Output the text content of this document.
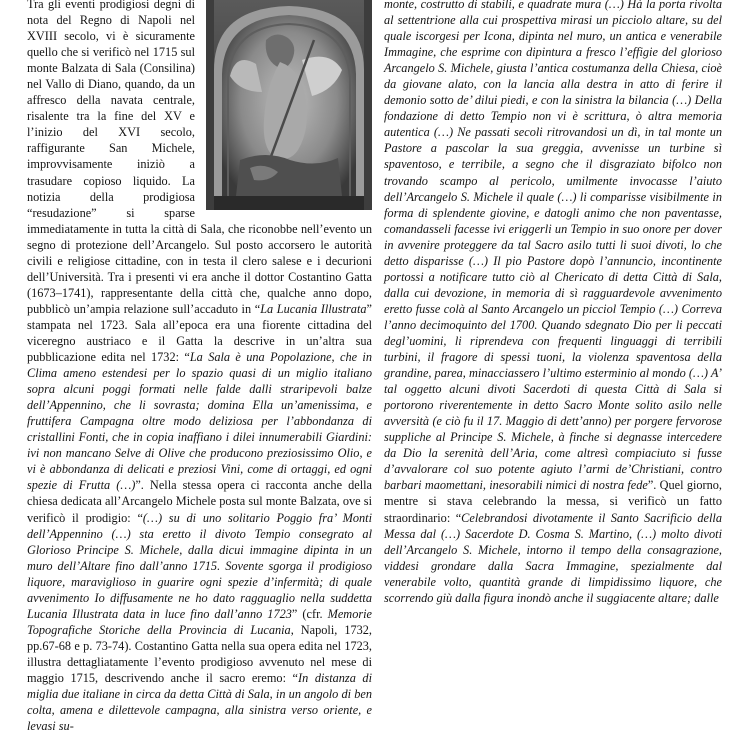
Tra gli eventi prodigiosi degni di nota del Regno di Napoli nel XVIII secolo, vi è sicuramente quello che si verificò nel 1715 sul monte Balzata di Sala (Consilina) nel Vallo di Diano, quando, da un affresco della navata centrale, risalente tra la fine del XV e l’inizio del XVI secolo, raffigurante San Michele, improvvisamente iniziò a trasudare copioso liquido. La notizia della prodigiosa “resudazione” si sparse immediatamente in tutta la città di Sala, che riconobbe nell’evento un segno di protezione dell’Arcangelo. Sul posto accorsero le autorità civili e religiose cittadine, con in testa il clero salese e i decurioni dell’Università. Tra i presenti vi era anche il dottor Costantino Gatta (1673–1741), rappresentante della città che, qualche anno dopo, pubblicò un’ampia relazione sull’accaduto in “La Lucania Illustrata” stampata nel 1723. Sala all’epoca era una fiorente cittadina del viceregno austriaco e il Gatta la descrive in un’altra sua pubblicazione edita nel 1732: “La Sala è una Popolazione, che in Clima ameno estendesi per lo spazio quasi di un miglio italiano sopra alcuni poggi formati nelle falde dalli straripevoli balze dell’Appennino, che li sovrasta; domina Ella un’amenissima, e fruttifera Campagna oltre modo deliziosa per l’abbondanza di cristallini Fonti, che in copia inaffiano i dilei innumerabili Giardini: ivi non mancano Selve di Olive che producono preziosissimo Olio, e vi è abbondanza di delicati e preziosi Vini, come di ortaggi, ed ogni spezie di Frutta (…)”. Nella stessa opera ci racconta anche della chiesa dedicata all’Arcangelo Michele posta sul monte Balzata, ove si verificò il prodigio: “(…) su di uno solitario Poggio fra’ Monti dell’Appennino (…) sta eretto il divoto Tempio consegrato al Glorioso Principe S. Michele, dalla dicui immagine dipinta in un muro dell’Altare fino dall’anno 1715. Sovente sgorga il prodigioso liquore, maraviglioso in guarire ogni spezie d’infermità; di quale avvenimento Io diffusamente ne ho dato ragguaglio nella suddetta Lucania Illustrata data in luce fino dall’anno 1723” (cfr. Memorie Topografiche Storiche della Provincia di Lucania, Napoli, 1732, pp.67-68 e p. 73-74). Costantino Gatta nella sua opera edita nel 1723, illustra dettagliatamente l’evento prodigioso avvenuto nel mese di maggio 1715, descrivendo anche il sacro eremo: “In distanza di miglia due italiane in circa da detta Città di Sala, in un angolo di ben colta, amena e dilettevole campagna, alla sinistra verso oriente, e levasi su-

monte, costrutto di stabili, e quadrate mura (…) Hà la porta rivolta al settentrione alla cui prospettiva mirasi un picciolo altare, su del quale iscorgesi per Icona, dipinta nel muro, un antica e venerabile Immagine, che esprime con dipintura a fresco l’effigie del glorioso Arcangelo S. Michele, giusta l’antica costumanza della Chiesa, cioè da giovane alato, con la lancia alla destra in atto di ferire il demonio sotto de’ dilui piedi, e con la sinistra la bilancia (…) Della fondazione di detto Tempio non vi è scrittura, ò altra memoria autentica (…) Ne passati secoli ritrovandosi un dì, in tal monte un Pastore a pascolar la sua greggia, avvenisse un turbine sì spaventoso, e terribile, a segno che il disgraziato bifolco non trovando scampo al pericolo, umilmente invocasse l’aiuto dell’Arcangelo S. Michele il quale (…) li comparisse visibilmente in forma di splendente giovine, e datogli animo che non paventasse, comandasseli facesse ivi eriggerli un Tempio in suo onore per dover in avvenire proteggere da tal Sacro asilo tutti li suoi divoti, lo che detto disparisse (…) Il pio Pastore dopò l’annuncio, incontinente portossi a notificare tutto ciò al Chericato di detta Città di Sala, dalla cui devozione, in memoria di sì ragguardevole avvenimento eretto fusse colà al Santo Arcangelo un picciol Tempio (…) Correva l’anno decimoquinto del 1700. Quando sdegnato Dio per li peccati degl’uomini, li riprendeva con frequenti linguaggi di terribili turbini, il fragore di spessi tuoni, la violenza spaventosa della grandine, parea, minacciassero l’ultimo esterminio al mondo (…) A’ tal oggetto alcuni divoti Sacerdoti di questa Città di Sala si portorono riverentemente in detto Sacro Monte solito asilo nelle avversità (e ciò fu il 17. Maggio di dett’anno) per porgere fervorose suppliche al Principe S. Michele, à finche si degnasse intercedere da Dio la serenità dell’Aria, come altresì compiaciuto si fusse d’avvalorare col suo potente agiuto l’armi de’Christiani, contro barbari maomettani, inesorabili nimici di nostra fede”. Quel giorno, mentre si stava celebrando la messa, si verificò un fatto straordinario: “Celebrandosi divotamente il Santo Sacrificio della Messa dal (…) Sacerdote D. Cosma S. Martino, (…) molto divoti dell’Arcangelo S. Michele, intorno il tempo della consagrazione, viddesi grondare dalla Sacra Immagine, spezialmente dal venerabile volto, quantità grande di limpidissimo liquore, che scorrendo giù dalla figura inondò anche il suggiacente altare; dalle
